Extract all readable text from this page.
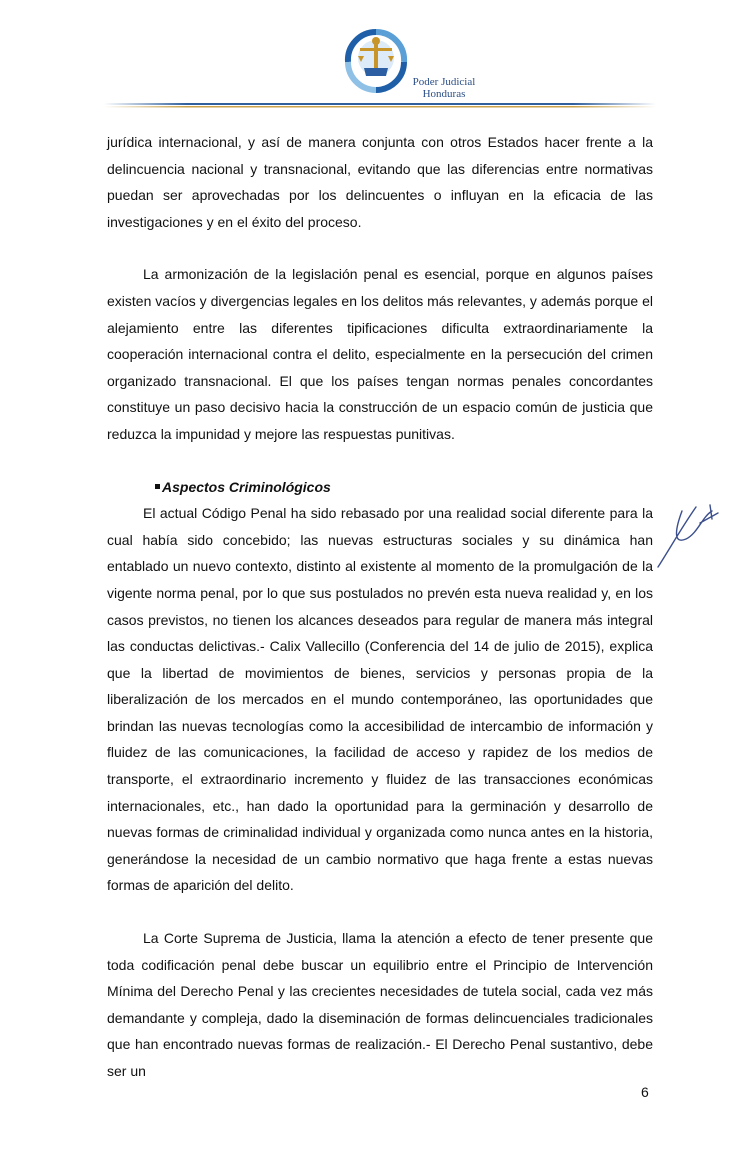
Poder Judicial
Honduras

jurídica internacional, y así de manera conjunta con otros Estados hacer frente a la delincuencia nacional y transnacional, evitando que las diferencias entre normativas puedan ser aprovechadas por los delincuentes o influyan en la eficacia de las investigaciones y en el éxito del proceso.

La armonización de la legislación penal es esencial, porque en algunos países existen vacíos y divergencias legales en los delitos más relevantes, y además porque el alejamiento entre las diferentes tipificaciones dificulta extraordinariamente la cooperación internacional contra el delito, especialmente en la persecución del crimen organizado transnacional. El que los países tengan normas penales concordantes constituye un paso decisivo hacia la construcción de un espacio común de justicia que reduzca la impunidad y mejore las respuestas punitivas.

Aspectos Criminológicos

El actual Código Penal ha sido rebasado por una realidad social diferente para la cual había sido concebido; las nuevas estructuras sociales y su dinámica han entablado un nuevo contexto, distinto al existente al momento de la promulgación de la vigente norma penal, por lo que sus postulados no prevén esta nueva realidad y, en los casos previstos, no tienen los alcances deseados para regular de manera más integral las conductas delictivas.- Calix Vallecillo (Conferencia del 14 de julio de 2015), explica que la libertad de movimientos de bienes, servicios y personas propia de la liberalización de los mercados en el mundo contemporáneo, las oportunidades que brindan las nuevas tecnologías como la accesibilidad de intercambio de información y fluidez de las comunicaciones, la facilidad de acceso y rapidez de los medios de transporte, el extraordinario incremento y fluidez de las transacciones económicas internacionales, etc., han dado la oportunidad para la germinación y desarrollo de nuevas formas de criminalidad individual y organizada como nunca antes en la historia, generándose la necesidad de un cambio normativo que haga frente a estas nuevas formas de aparición del delito.

La Corte Suprema de Justicia, llama la atención a efecto de tener presente que toda codificación penal debe buscar un equilibrio entre el Principio de Intervención Mínima del Derecho Penal y las crecientes necesidades de tutela social, cada vez más demandante y compleja, dado la diseminación de formas delincuenciales tradicionales que han encontrado nuevas formas de realización.- El Derecho Penal sustantivo, debe ser un

6
